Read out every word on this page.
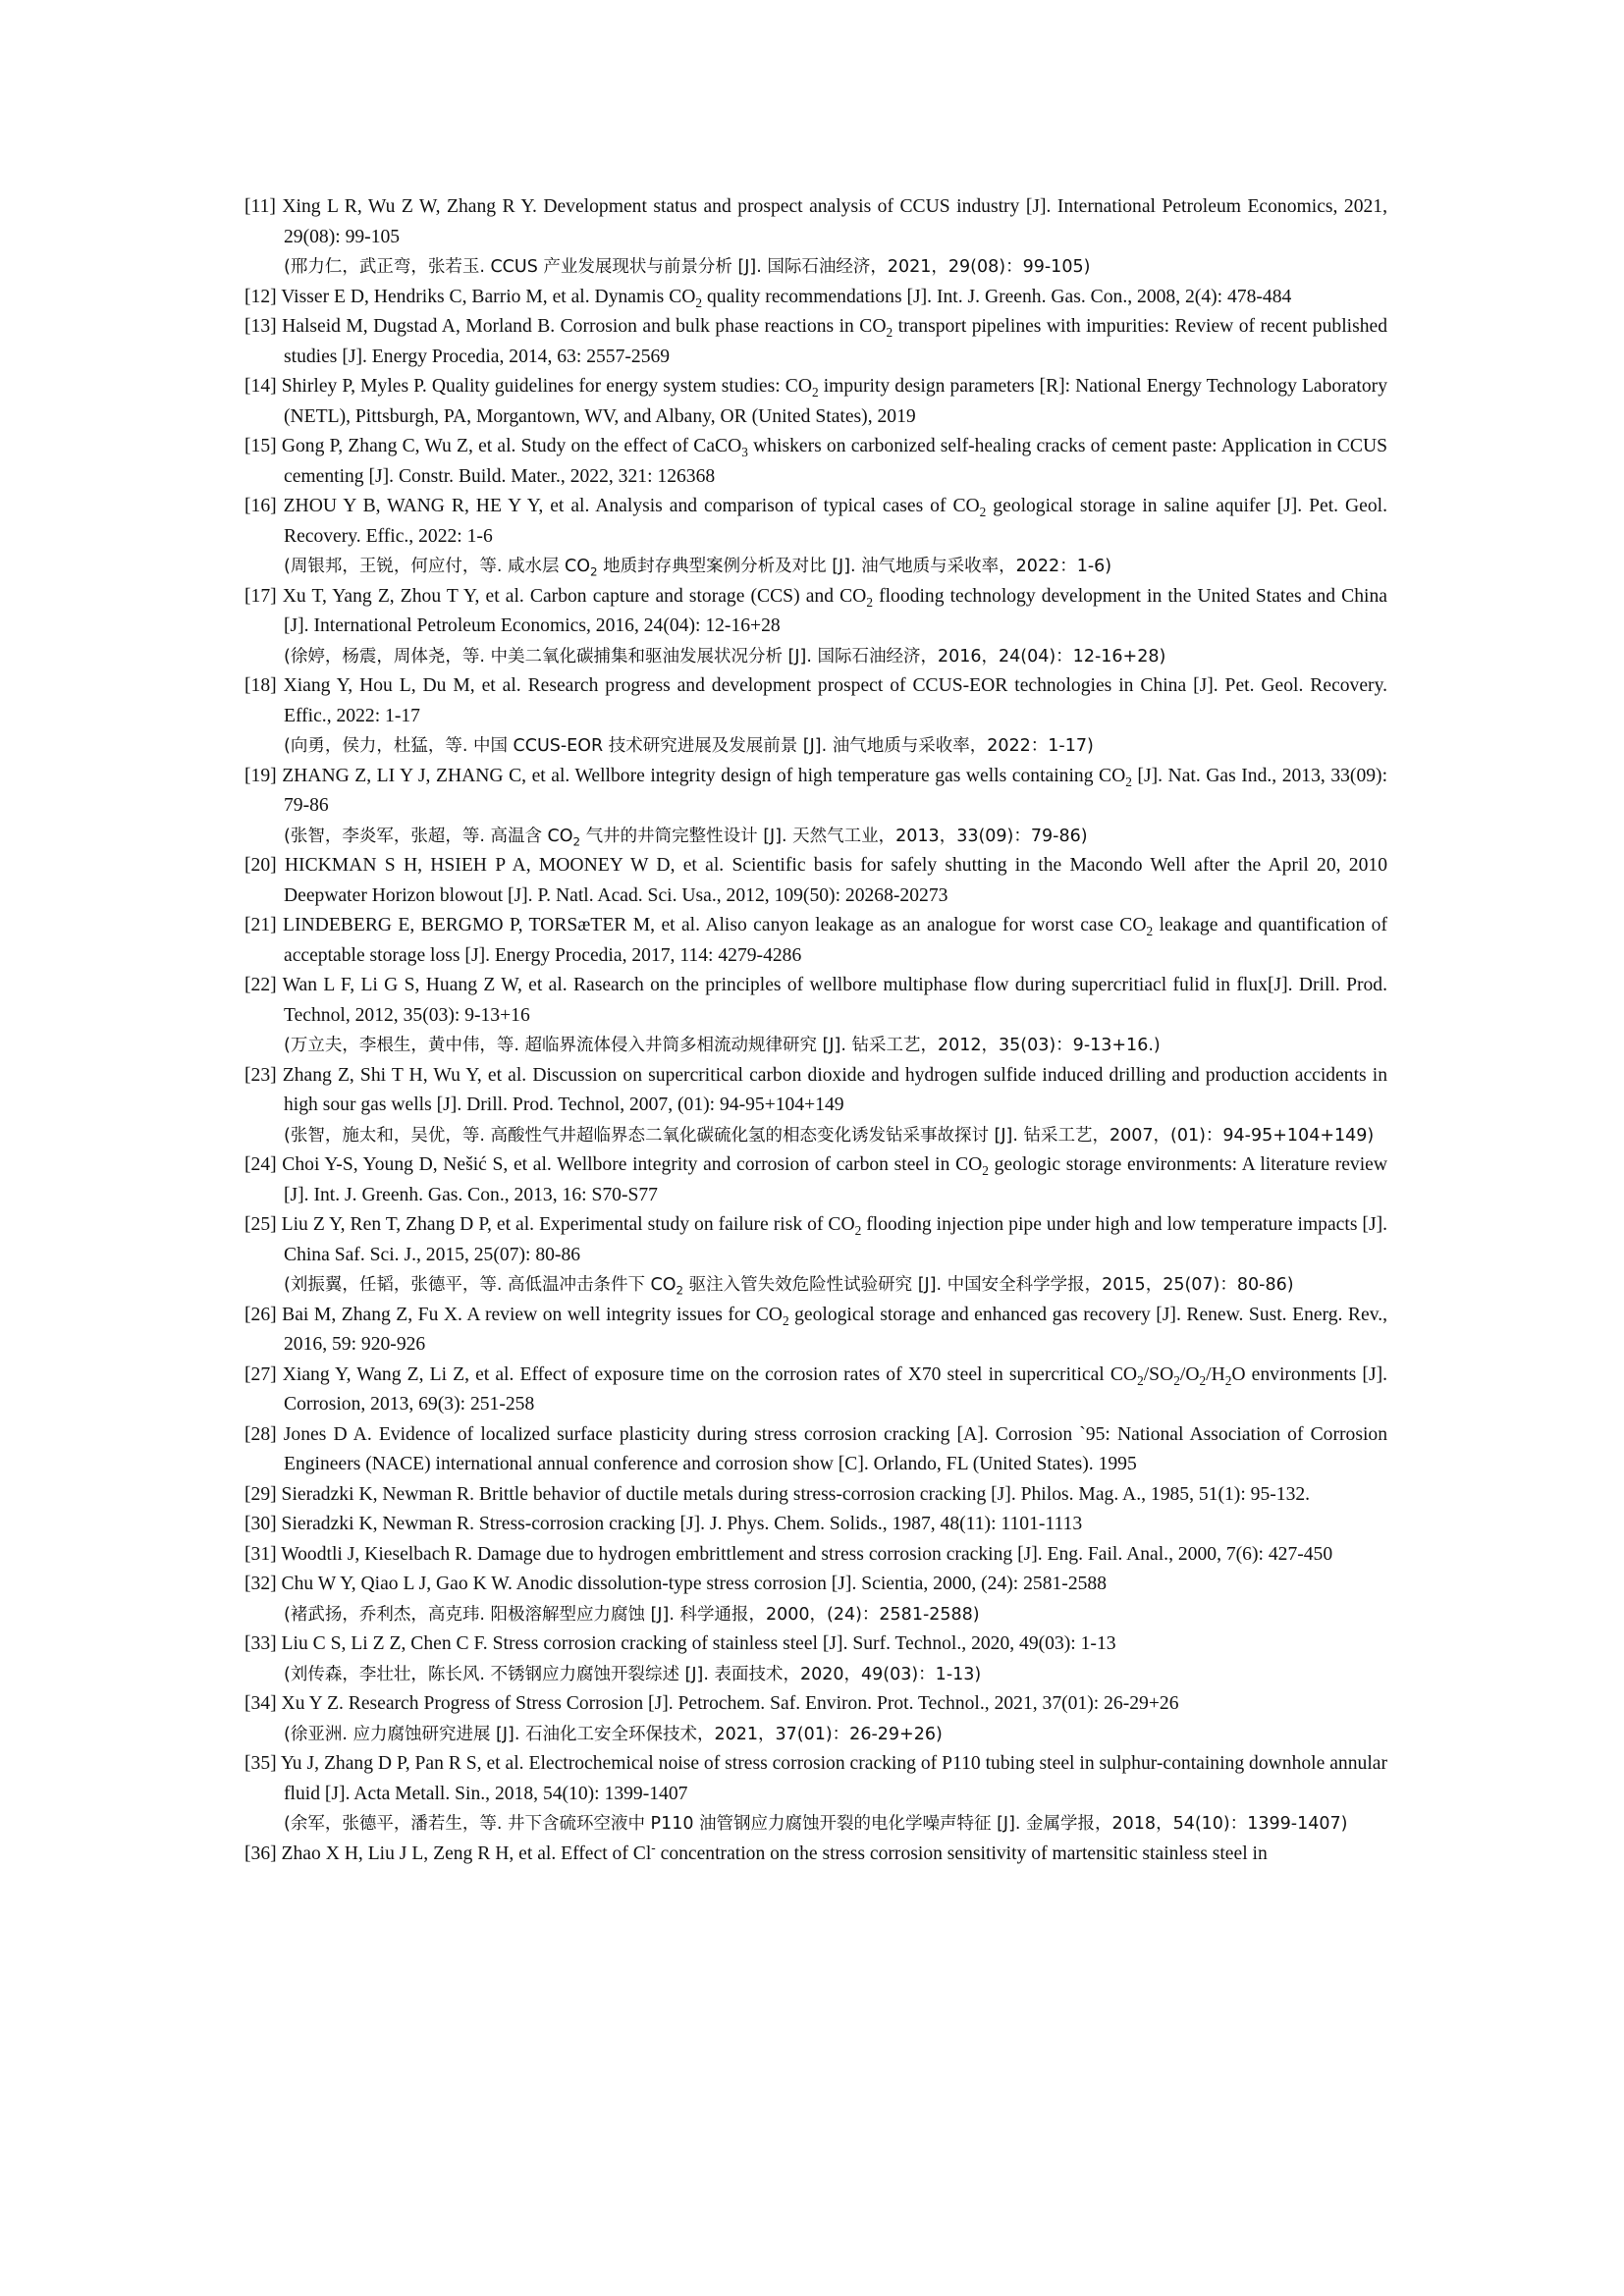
[11] Xing L R, Wu Z W, Zhang R Y. Development status and prospect analysis of CCUS industry [J]. International Petroleum Economics, 2021, 29(08): 99-105
(邢力仁，武正弯，张若玉. CCUS 产业发展现状与前景分析 [J]. 国际石油经济，2021，29(08)：99-105)
[12] Visser E D, Hendriks C, Barrio M, et al. Dynamis $CO_2$ quality recommendations [J]. Int. J. Greenh. Gas. Con., 2008, 2(4): 478-484
[13] Halseid M, Dugstad A, Morland B. Corrosion and bulk phase reactions in $CO_2$ transport pipelines with impurities: Review of recent published studies [J]. Energy Procedia, 2014, 63: 2557-2569
[14] Shirley P, Myles P. Quality guidelines for energy system studies: $CO_2$ impurity design parameters [R]: National Energy Technology Laboratory (NETL), Pittsburgh, PA, Morgantown, WV, and Albany, OR (United States), 2019
[15] Gong P, Zhang C, Wu Z, et al. Study on the effect of CaCO$_3$ whiskers on carbonized self-healing cracks of cement paste: Application in CCUS cementing [J]. Constr. Build. Mater., 2022, 321: 126368
[16] ZHOU Y B, WANG R, HE Y Y, et al. Analysis and comparison of typical cases of $CO_2$ geological storage in saline aquifer [J]. Pet. Geol. Recovery. Effic., 2022: 1-6
(周银邦，王锐，何应付，等. 咸水层 $CO_2$ 地质封存典型案例分析及对比 [J]. 油气地质与采收率，2022：1-6)
[17] Xu T, Yang Z, Zhou T Y, et al. Carbon capture and storage (CCS) and $CO_2$ flooding technology development in the United States and China [J]. International Petroleum Economics, 2016, 24(04): 12-16+28
(徐婷，杨震，周体尧，等. 中美二氧化碳捕集和驱油发展状况分析 [J]. 国际石油经济，2016，24(04)：12-16+28)
[18] Xiang Y, Hou L, Du M, et al. Research progress and development prospect of CCUS-EOR technologies in China [J]. Pet. Geol. Recovery. Effic., 2022: 1-17
(向勇，侯力，杜猛，等. 中国 CCUS-EOR 技术研究进展及发展前景 [J]. 油气地质与采收率，2022：1-17)
[19] ZHANG Z, LI Y J, ZHANG C, et al. Wellbore integrity design of high temperature gas wells containing $CO_2$ [J]. Nat. Gas Ind., 2013, 33(09): 79-86
(张智，李炎军，张超，等. 高温含 $CO_2$ 气井的井筒完整性设计 [J]. 天然气工业，2013，33(09)：79-86)
[20] HICKMAN S H, HSIEH P A, MOONEY W D, et al. Scientific basis for safely shutting in the Macondo Well after the April 20, 2010 Deepwater Horizon blowout [J]. P. Natl. Acad. Sci. Usa., 2012, 109(50): 20268-20273
[21] LINDEBERG E, BERGMO P, TORSæTER M, et al. Aliso canyon leakage as an analogue for worst case $CO_2$ leakage and quantification of acceptable storage loss [J]. Energy Procedia, 2017, 114: 4279-4286
[22] Wan L F, Li G S, Huang Z W, et al. Rasearch on the principles of wellbore multiphase flow during supercritiacl fulid in flux[J]. Drill. Prod. Technol, 2012, 35(03): 9-13+16
(万立夫，李根生，黄中伟，等. 超临界流体侵入井筒多相流动规律研究 [J]. 钻采工艺，2012，35(03)：9-13+16.)
[23] Zhang Z, Shi T H, Wu Y, et al. Discussion on supercritical carbon dioxide and hydrogen sulfide induced drilling and production accidents in high sour gas wells [J]. Drill. Prod. Technol, 2007, (01): 94-95+104+149
(张智，施太和，吴优，等. 高酸性气井超临界态二氧化碳硫化氢的相态变化诱发钻采事故探讨 [J]. 钻采工艺，2007，(01)：94-95+104+149)
[24] Choi Y-S, Young D, Nešić S, et al. Wellbore integrity and corrosion of carbon steel in $CO_2$ geologic storage environments: A literature review [J]. Int. J. Greenh. Gas. Con., 2013, 16: S70-S77
[25] Liu Z Y, Ren T, Zhang D P, et al. Experimental study on failure risk of $CO_2$ flooding injection pipe under high and low temperature impacts [J]. China Saf. Sci. J., 2015, 25(07): 80-86
(刘振翼，任韬，张德平，等. 高低温冲击条件下 $CO_2$ 驱注入管失效危险性试验研究 [J]. 中国安全科学学报，2015，25(07)：80-86)
[26] Bai M, Zhang Z, Fu X. A review on well integrity issues for $CO_2$ geological storage and enhanced gas recovery [J]. Renew. Sust. Energ. Rev., 2016, 59: 920-926
[27] Xiang Y, Wang Z, Li Z, et al. Effect of exposure time on the corrosion rates of X70 steel in supercritical $CO_2/SO_2/O_2/H_2O$ environments [J]. Corrosion, 2013, 69(3): 251-258
[28] Jones D A. Evidence of localized surface plasticity during stress corrosion cracking [A]. Corrosion `95: National Association of Corrosion Engineers (NACE) international annual conference and corrosion show [C]. Orlando, FL (United States). 1995
[29] Sieradzki K, Newman R. Brittle behavior of ductile metals during stress-corrosion cracking [J]. Philos. Mag. A., 1985, 51(1): 95-132.
[30] Sieradzki K, Newman R. Stress-corrosion cracking [J]. J. Phys. Chem. Solids., 1987, 48(11): 1101-1113
[31] Woodtli J, Kieselbach R. Damage due to hydrogen embrittlement and stress corrosion cracking [J]. Eng. Fail. Anal., 2000, 7(6): 427-450
[32] Chu W Y, Qiao L J, Gao K W. Anodic dissolution-type stress corrosion [J]. Scientia, 2000, (24): 2581-2588
(褚武扬，乔利杰，高克玮. 阳极溶解型应力腐蚀 [J]. 科学通报，2000，(24)：2581-2588)
[33] Liu C S, Li Z Z, Chen C F. Stress corrosion cracking of stainless steel [J]. Surf. Technol., 2020, 49(03): 1-13
(刘传森，李壮壮，陈长风. 不锈钢应力腐蚀开裂综述 [J]. 表面技术，2020，49(03)：1-13)
[34] Xu Y Z. Research Progress of Stress Corrosion [J]. Petrochem. Saf. Environ. Prot. Technol., 2021, 37(01): 26-29+26
(徐亚洲. 应力腐蚀研究进展 [J]. 石油化工安全环保技术，2021，37(01)：26-29+26)
[35] Yu J, Zhang D P, Pan R S, et al. Electrochemical noise of stress corrosion cracking of P110 tubing steel in sulphur-containing downhole annular fluid [J]. Acta Metall. Sin., 2018, 54(10): 1399-1407
(余军，张德平，潘若生，等. 井下含硫环空液中 P110 油管钢应力腐蚀开裂的电化学噪声特征 [J]. 金属学报，2018，54(10)：1399-1407)
[36] Zhao X H, Liu J L, Zeng R H, et al. Effect of Cl- concentration on the stress corrosion sensitivity of martensitic stainless steel in
